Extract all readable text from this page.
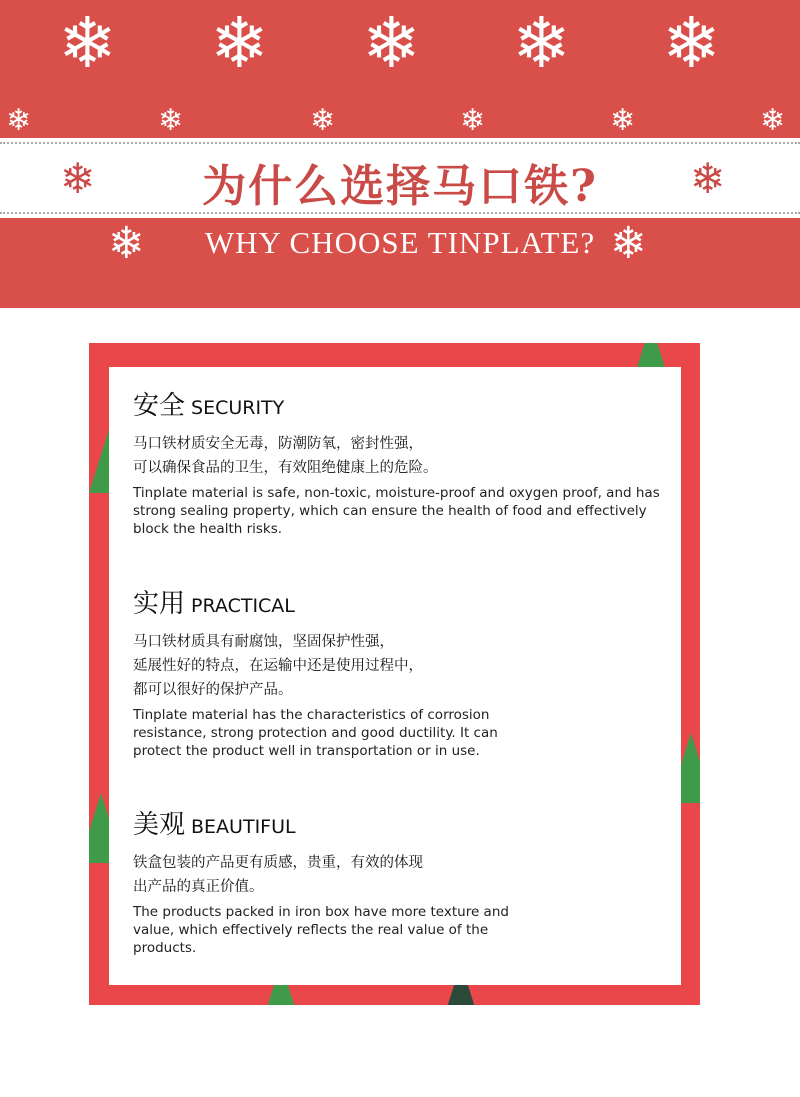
❄ ❄ ❄ ❄ ❄
❄	❄	❄	❄	❄	❄
❄	❄
为什么选择马口铁?
❄	❄
WHY CHOOSE TINPLATE?
安全 SECURITY
马口铁材质安全无毒，防潮防氧，密封性强，
可以确保食品的卫生，有效阻绝健康上的危险。
Tinplate material is safe, non-toxic, moisture-proof and oxygen proof, and has strong sealing property, which can ensure the health of food and effectively block the health risks.
实用 PRACTICAL
马口铁材质具有耐腐蚀，坚固保护性强，
延展性好的特点，在运输中还是使用过程中，
都可以很好的保护产品。
Tinplate material has the characteristics of corrosion resistance, strong protection and good ductility. It can protect the product well in transportation or in use.
美观 BEAUTIFUL
铁盒包装的产品更有质感，贵重，有效的体现
出产品的真正价值。
The products packed in iron box have more texture and value, which effectively reflects the real value of the products.
